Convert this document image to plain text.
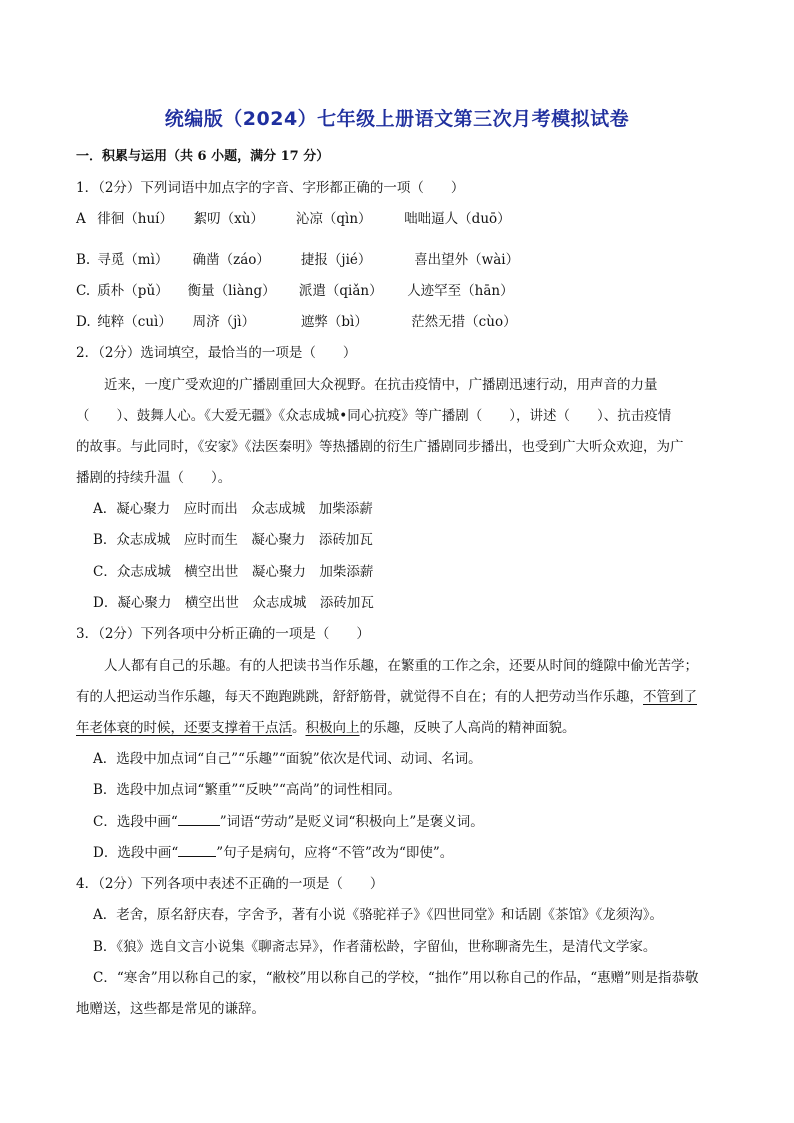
统编版（2024）七年级上册语文第三次月考模拟试卷
一．积累与运用（共 6 小题，满分 17 分）
1．（2分）下列词语中加点字的字音、字形都正确的一项（　　）
A 徘徊（huí） 絮叨（xù） 沁凉（qìn） 咄咄逼人（duō）
B. 寻觅（mì） 确凿（záo） 捷报（jié）	喜出望外（wài）
C. 质朴（pǔ） 衡量（liàng） 派遣（qiǎn） 人迹罕至（hān）
D. 纯粹（cuì） 周济（jì）	遮弊（bì）	茫然无措（cùo）
2．（2分）选词填空，最恰当的一项是（　　）
近来，一度广受欢迎的广播剧重回大众视野。在抗击疫情中，广播剧迅速行动，用声音的力量
（　　）、鼓舞人心。《大爱无疆》《众志成城•同心抗疫》等广播剧（　　），讲述（　　）、抗击疫情
的故事。与此同时，《安家》《法医秦明》等热播剧的衍生广播剧同步播出，也受到广大听众欢迎，为广
播剧的持续升温（　　）。
A．凝心聚力　应时而出　众志成城　加柴添薪
B．众志成城　应时而生　凝心聚力　添砖加瓦
C．众志成城　横空出世　凝心聚力　加柴添薪
D．凝心聚力　横空出世　众志成城　添砖加瓦
3．（2分）下列各项中分析正确的一项是（　　）
人人都有自己的乐趣。有的人把读书当作乐趣，在繁重的工作之余，还要从时间的缝隙中偷光苦学；
有的人把运动当作乐趣，每天不跑跑跳跳，舒舒筋骨，就觉得不自在；有的人把劳动当作乐趣，不管到了
年老体衰的时候，还要支撑着干点活。积极向上的乐趣，反映了人高尚的精神面貌。
A．选段中加点词“自己”“乐趣”“面貌”依次是代词、动词、名词。
B．选段中加点词“繁重”“反映”“高尚”的词性相同。
C．选段中画“	”词语“劳动”是贬义词“积极向上”是褒义词。
D．选段中画“	”句子是病句，应将“不管”改为“即使”。
4．（2分）下列各项中表述不正确的一项是（　　）
A．老舍，原名舒庆春，字舍予，著有小说《骆驼祥子》《四世同堂》和话剧《茶馆》《龙须沟》。
B．《狼》选自文言小说集《聊斋志异》，作者蒲松龄，字留仙，世称聊斋先生，是清代文学家。
C．“寒舍”用以称自己的家，“敝校”用以称自己的学校，“拙作”用以称自己的作品，“惠赠”则是指恭敬
地赠送，这些都是常见的谦辞。
